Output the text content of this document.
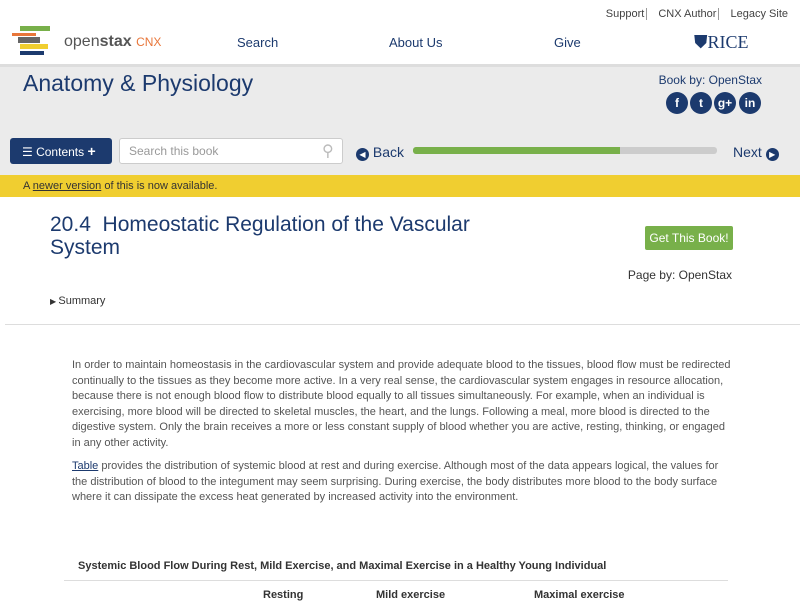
Support CNX Author Legacy Site
openstax CNX	Search	About Us	Give	⛊RICE
Anatomy & Physiology	Book by: OpenStax
f	t	g+	in
☰ Contents +	Search this book	⚲	◀ Back	Next ▶
A newer version of this is now available.
20.4 Homeostatic Regulation of the Vascular System	Get This Book!
Page by: OpenStax
▶ Summary

In order to maintain homeostasis in the cardiovascular system and provide adequate blood to the tissues, blood flow must be redirected continually to the tissues as they become more active. In a very real sense, the cardiovascular system engages in resource allocation, because there is not enough blood flow to distribute blood equally to all tissues simultaneously. For example, when an individual is exercising, more blood will be directed to skeletal muscles, the heart, and the lungs. Following a meal, more blood is directed to the digestive system. Only the brain receives a more or less constant supply of blood whether you are active, resting, thinking, or engaged in any other activity.

Table provides the distribution of systemic blood at rest and during exercise. Although most of the data appears logical, the values for the distribution of blood to the integument may seem surprising. During exercise, the body distributes more blood to the body surface where it can dissipate the excess heat generated by increased activity into the environment.

Systemic Blood Flow During Rest, Mild Exercise, and Maximal Exercise in a Healthy Young Individual
Resting	Mild exercise	Maximal exercise
